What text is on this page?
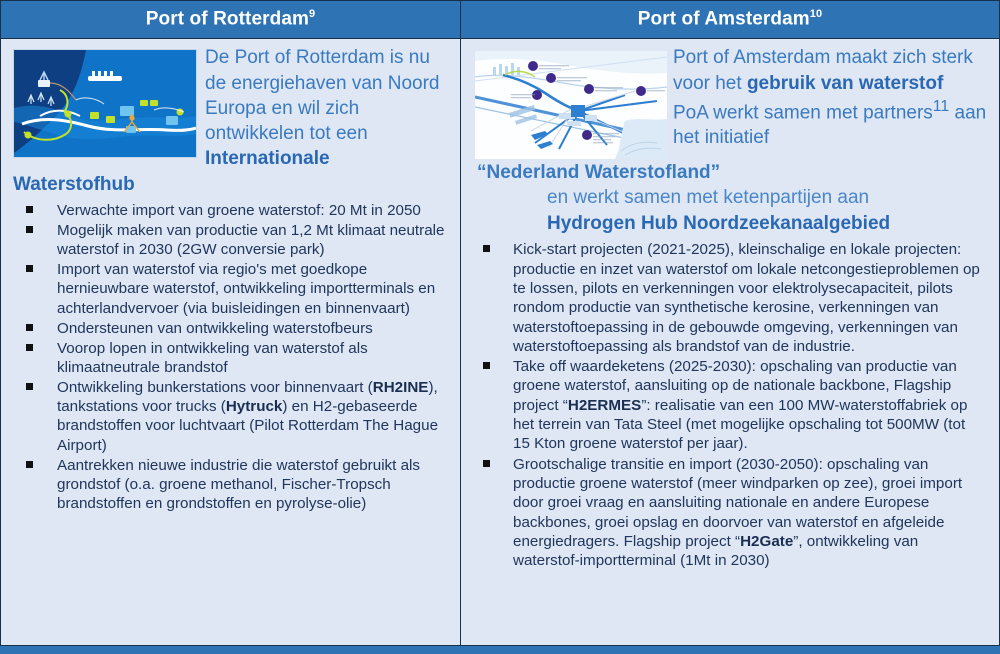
Port of Rotterdam$^9$	Port of Amsterdam$^{10}$
De Port of Rotterdam is nu de energiehaven van Noord Europa en wil zich ontwikkelen tot een Internationale Waterstofhub
Verwachte import van groene waterstof: 20 Mt in 2050
Mogelijk maken van productie van 1,2 Mt klimaat neutrale waterstof in 2030 (2GW conversie park)
Import van waterstof via regio's met goedkope hernieuwbare waterstof, ontwikkeling importterminals en achterlandvervoer (via buisleidingen en binnenvaart)
Ondersteunen van ontwikkeling waterstofbeurs
Voorop lopen in ontwikkeling van waterstof als klimaatneutrale brandstof
Ontwikkeling bunkerstations voor binnenvaart (RH2INE), tankstations voor trucks (Hytruck) en H2-gebaseerde brandstoffen voor luchtvaart (Pilot Rotterdam The Hague Airport)
Aantrekken nieuwe industrie die waterstof gebruikt als grondstof (o.a. groene methanol, Fischer-Tropsch brandstoffen en grondstoffen en pyrolyse-olie)
Port of Amsterdam maakt zich sterk voor het gebruik van waterstof
PoA werkt samen met partners$^{11}$ aan het initiatief
“Nederland Waterstofland”
en werkt samen met ketenpartijen aan
Hydrogen Hub Noordzeekanaalgebied
Kick-start projecten (2021-2025), kleinschalige en lokale projecten: productie en inzet van waterstof om lokale netcongestieproblemen op te lossen, pilots en verkenningen voor elektrolysecapaciteit, pilots rondom productie van synthetische kerosine, verkenningen van waterstoftoepassing in de gebouwde omgeving, verkenningen van waterstoftoepassing als brandstof van de industrie.
Take off waardeketens (2025-2030): opschaling van productie van groene waterstof, aansluiting op de nationale backbone, Flagship project “H2ERMES”: realisatie van een 100 MW-waterstoffabriek op het terrein van Tata Steel (met mogelijke opschaling tot 500MW (tot 15 Kton groene waterstof per jaar).
Grootschalige transitie en import (2030-2050): opschaling van productie groene waterstof (meer windparken op zee), groei import door groei vraag en aansluiting nationale en andere Europese backbones, groei opslag en doorvoer van waterstof en afgeleide energiedragers. Flagship project “H2Gate”, ontwikkeling van waterstof-importterminal (1Mt in 2030)
